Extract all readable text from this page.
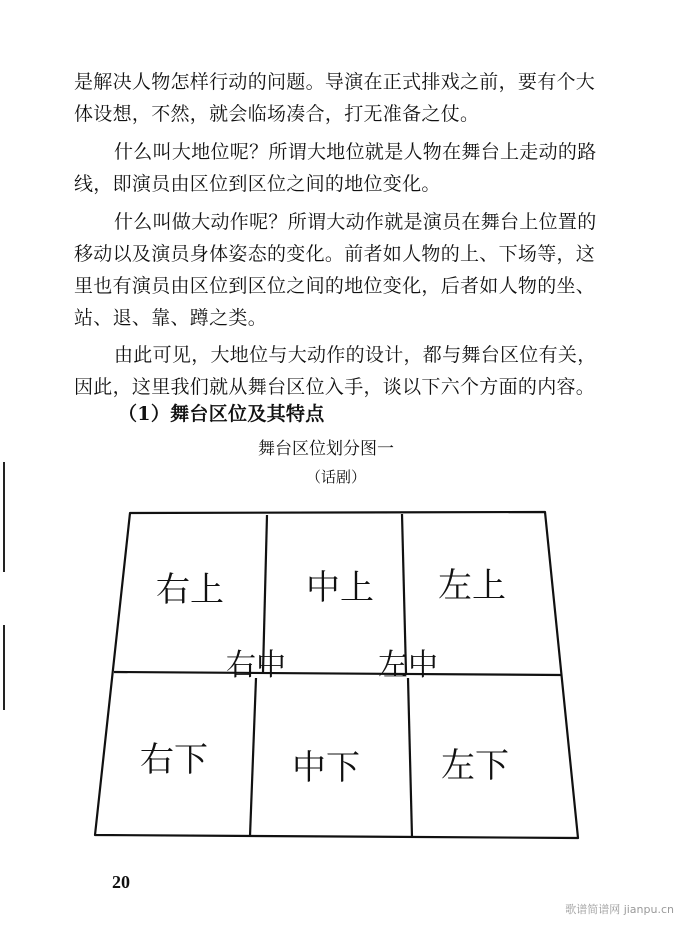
是解决人物怎样行动的问题。导演在正式排戏之前，要有个大
体设想，不然，就会临场凑合，打无准备之仗。
什么叫大地位呢？所谓大地位就是人物在舞台上走动的路
线，即演员由区位到区位之间的地位变化。
什么叫做大动作呢？所谓大动作就是演员在舞台上位置的
移动以及演员身体姿态的变化。前者如人物的上、下场等，这
里也有演员由区位到区位之间的地位变化，后者如人物的坐、
站、退、靠、蹲之类。
由此可见，大地位与大动作的设计，都与舞台区位有关，
因此，这里我们就从舞台区位入手，谈以下六个方面的内容。
（1）舞台区位及其特点
舞台区位划分图一
（话剧）
右上 中上 左上
右中	左中
右下 中下 左下
20
歌谱简谱网 jianpu.cn
